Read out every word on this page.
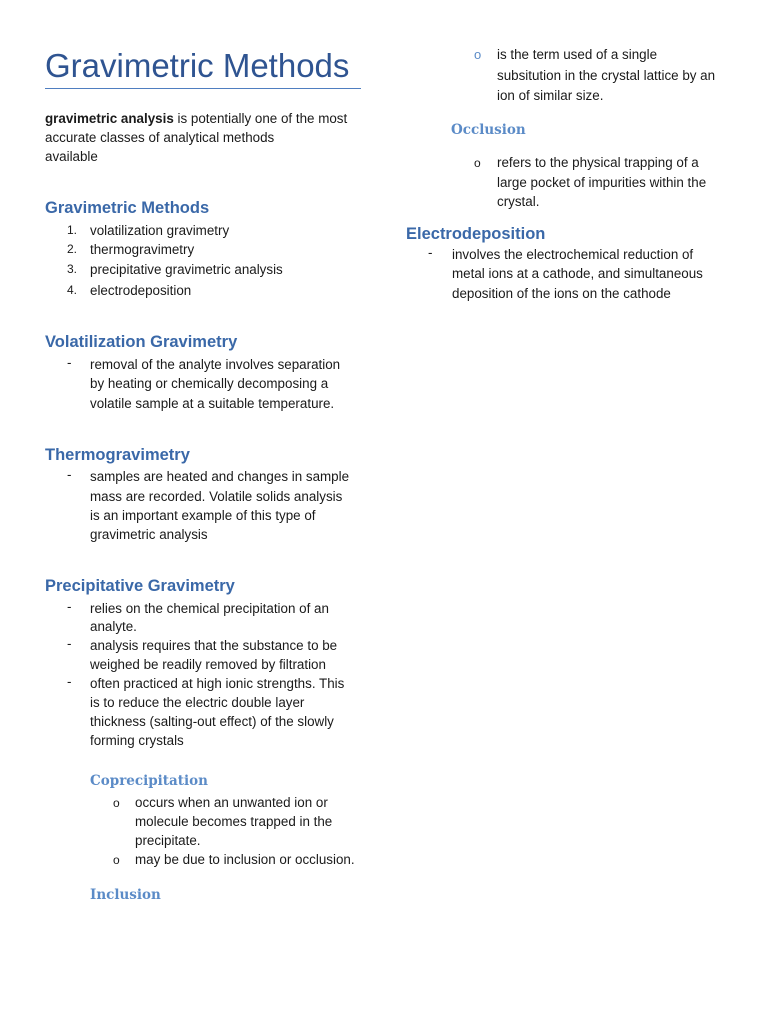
Gravimetric Methods
gravimetric analysis is potentially one of the most
accurate classes of analytical methods
available
Gravimetric Methods
1. volatilization gravimetry
2. thermogravimetry
3. precipitative gravimetric analysis
4. electrodeposition
Volatilization Gravimetry
- removal of the analyte involves separation
by heating or chemically decomposing a
volatile sample at a suitable temperature.
Thermogravimetry
- samples are heated and changes in sample
mass are recorded. Volatile solids analysis
is an important example of this type of
gravimetric analysis
Precipitative Gravimetry
- relies on the chemical precipitation of an
analyte.
- analysis requires that the substance to be
weighed be readily removed by filtration
- often practiced at high ionic strengths. This
is to reduce the electric double layer
thickness (salting-out effect) of the slowly
forming crystals
Coprecipitation
o occurs when an unwanted ion or
molecule becomes trapped in the
precipitate.
o may be due to inclusion or occlusion.
Inclusion
o is the term used of a single
subsitution in the crystal lattice by an
ion of similar size.
Occlusion
o refers to the physical trapping of a
large pocket of impurities within the
crystal.
Electrodeposition
- involves the electrochemical reduction of
metal ions at a cathode, and simultaneous
deposition of the ions on the cathode
